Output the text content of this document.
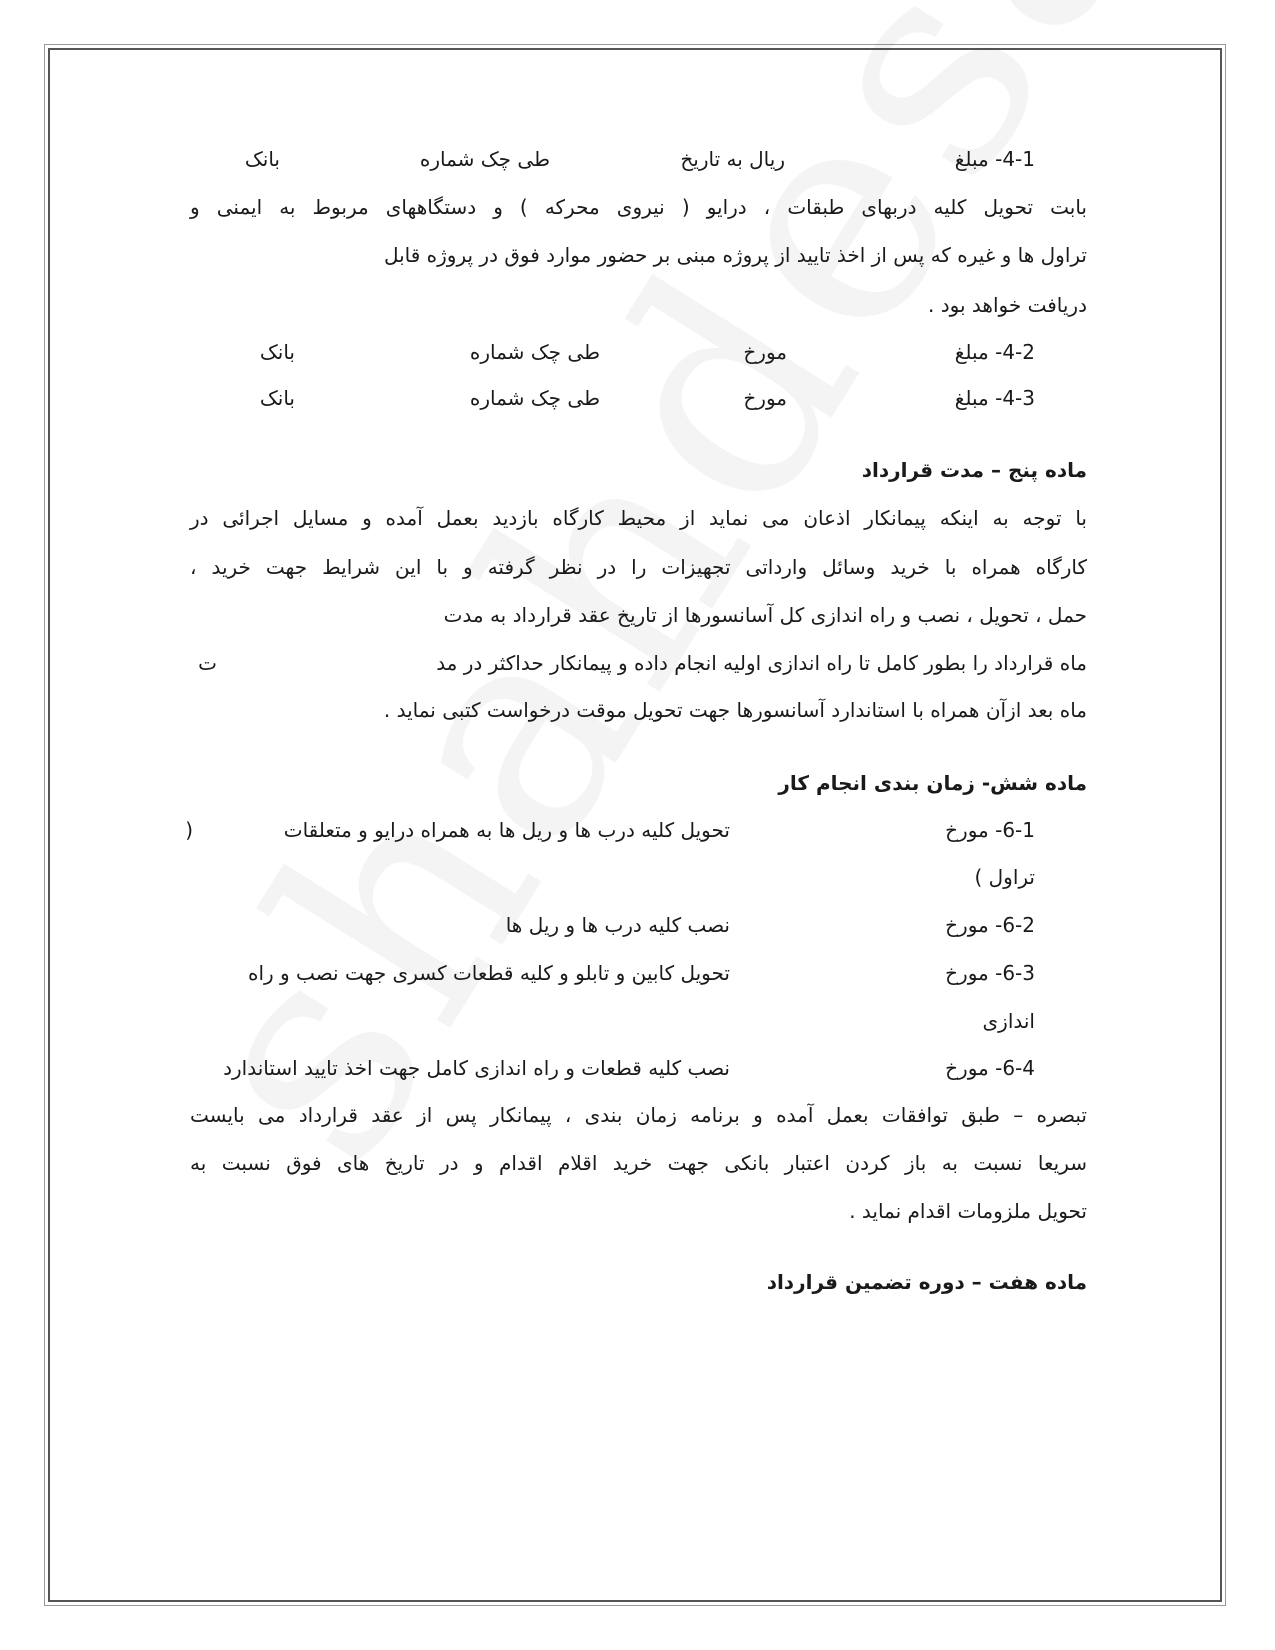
4-1- مبلغ
ریال به تاریخ
طی چک شماره
بانک
بابت تحویل کلیه دربهای طبقات ، درایو ( نیروی محرکه ) و دستگاههای مربوط به ایمنی و
تراول ها و غیره که پس از اخذ تایید از پروژه مبنی بر حضور موارد فوق در پروژه قابل
دریافت خواهد بود .
4-2- مبلغ
مورخ
طی چک شماره
بانک
4-3- مبلغ
مورخ
طی چک شماره
بانک
ماده پنج – مدت قرارداد
با توجه به اینکه پیمانکار اذعان می نماید از محیط کارگاه بازدید بعمل آمده و مسایل اجرائی در
کارگاه همراه با خرید وسائل وارداتی تجهیزات را در نظر گرفته و با این شرایط جهت خرید ،
حمل ، تحویل ، نصب و راه اندازی کل آسانسورها از تاریخ عقد قرارداد به مدت
ماه قرارداد را بطور کامل تا راه اندازی اولیه انجام داده و پیمانکار حداکثر در مد
ت
ماه بعد ازآن همراه با استاندارد آسانسورها جهت تحویل موقت درخواست کتبی نماید .
ماده شش- زمان بندی انجام کار
6-1- مورخ
تحویل کلیه درب ها و ریل ها به همراه درایو و متعلقات
(
تراول )
6-2- مورخ
نصب کلیه درب ها و ریل ها
6-3- مورخ
تحویل کابین و تابلو و کلیه قطعات کسری جهت نصب و راه
اندازی
6-4- مورخ
نصب کلیه قطعات و راه اندازی کامل جهت اخذ تایید استاندارد
تبصره – طبق توافقات بعمل آمده و برنامه زمان بندی ، پیمانکار پس از عقد قرارداد می بایست
سریعا نسبت به باز کردن اعتبار بانکی جهت خرید اقلام اقدام و در تاریخ های فوق نسبت به
تحویل ملزومات اقدام نماید .
ماده هفت – دوره تضمین قرارداد
